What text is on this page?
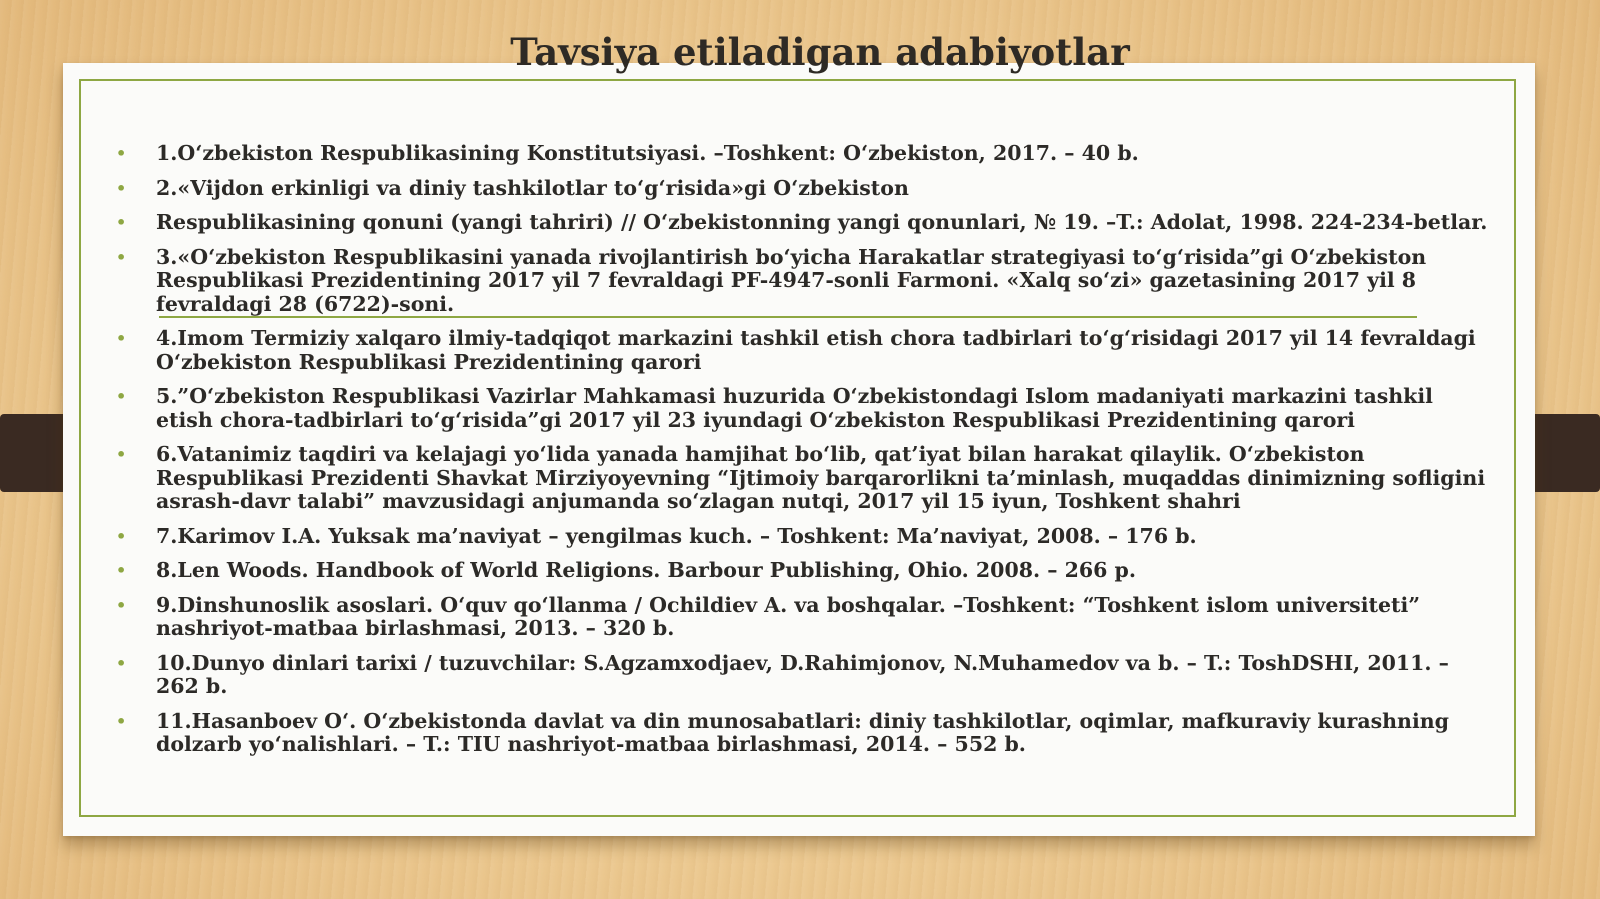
Tavsiya etiladigan adabiyotlar
• 1.O‘zbekiston Respublikasining Konstitutsiyasi. –Toshkent: O‘zbekiston, 2017. – 40 b.
• 2.«Vijdon erkinligi va diniy tashkilotlar to‘g‘risida»gi O‘zbekiston
• Respublikasining qonuni (yangi tahriri) // O‘zbekistonning yangi qonunlari, № 19. –T.: Adolat, 1998. 224-234-betlar.
• 3.«O‘zbekiston Respublikasini yanada rivojlantirish bo‘yicha Harakatlar strategiyasi to‘g‘risida”gi O‘zbekiston Respublikasi Prezidentining 2017 yil 7 fevraldagi PF-4947-sonli Farmoni. «Xalq so‘zi» gazetasining 2017 yil 8 fevraldagi 28 (6722)-soni.
• 4.Imom Termiziy xalqaro ilmiy-tadqiqot markazini tashkil etish chora tadbirlari to‘g‘risidagi 2017 yil 14 fevraldagi O‘zbekiston Respublikasi Prezidentining qarori
• 5.”O‘zbekiston Respublikasi Vazirlar Mahkamasi huzurida O‘zbekistondagi Islom madaniyati markazini tashkil etish chora-tadbirlari to‘g‘risida”gi 2017 yil 23 iyundagi O‘zbekiston Respublikasi Prezidentining qarori
• 6.Vatanimiz taqdiri va kelajagi yo‘lida yanada hamjihat bo‘lib, qat’iyat bilan harakat qilaylik. O‘zbekiston Respublikasi Prezidenti Shavkat Mirziyoyevning “Ijtimoiy barqarorlikni ta’minlash, muqaddas dinimizning sofligini asrash-davr talabi” mavzusidagi anjumanda so‘zlagan nutqi, 2017 yil 15 iyun, Toshkent shahri
• 7.Karimov I.A. Yuksak ma’naviyat – yengilmas kuch. – Toshkent: Ma’naviyat, 2008. – 176 b.
• 8.Len Woods. Handbook of World Religions. Barbour Publishing, Ohio. 2008. – 266 p.
• 9.Dinshunoslik asoslari. O‘quv qo‘llanma / Ochildiev A. va boshqalar. –Toshkent: “Toshkent islom universiteti” nashriyot-matbaa birlashmasi, 2013. – 320 b.
• 10.Dunyo dinlari tarixi / tuzuvchilar: S.Agzamxodjaev, D.Rahimjonov, N.Muhamedov va b. – T.: ToshDSHI, 2011. – 262 b.
• 11.Hasanboev O‘. O‘zbekistonda davlat va din munosabatlari: diniy tashkilotlar, oqimlar, mafkuraviy kurashning dolzarb yo‘nalishlari. – T.: TIU nashriyot-matbaa birlashmasi, 2014. – 552 b.
